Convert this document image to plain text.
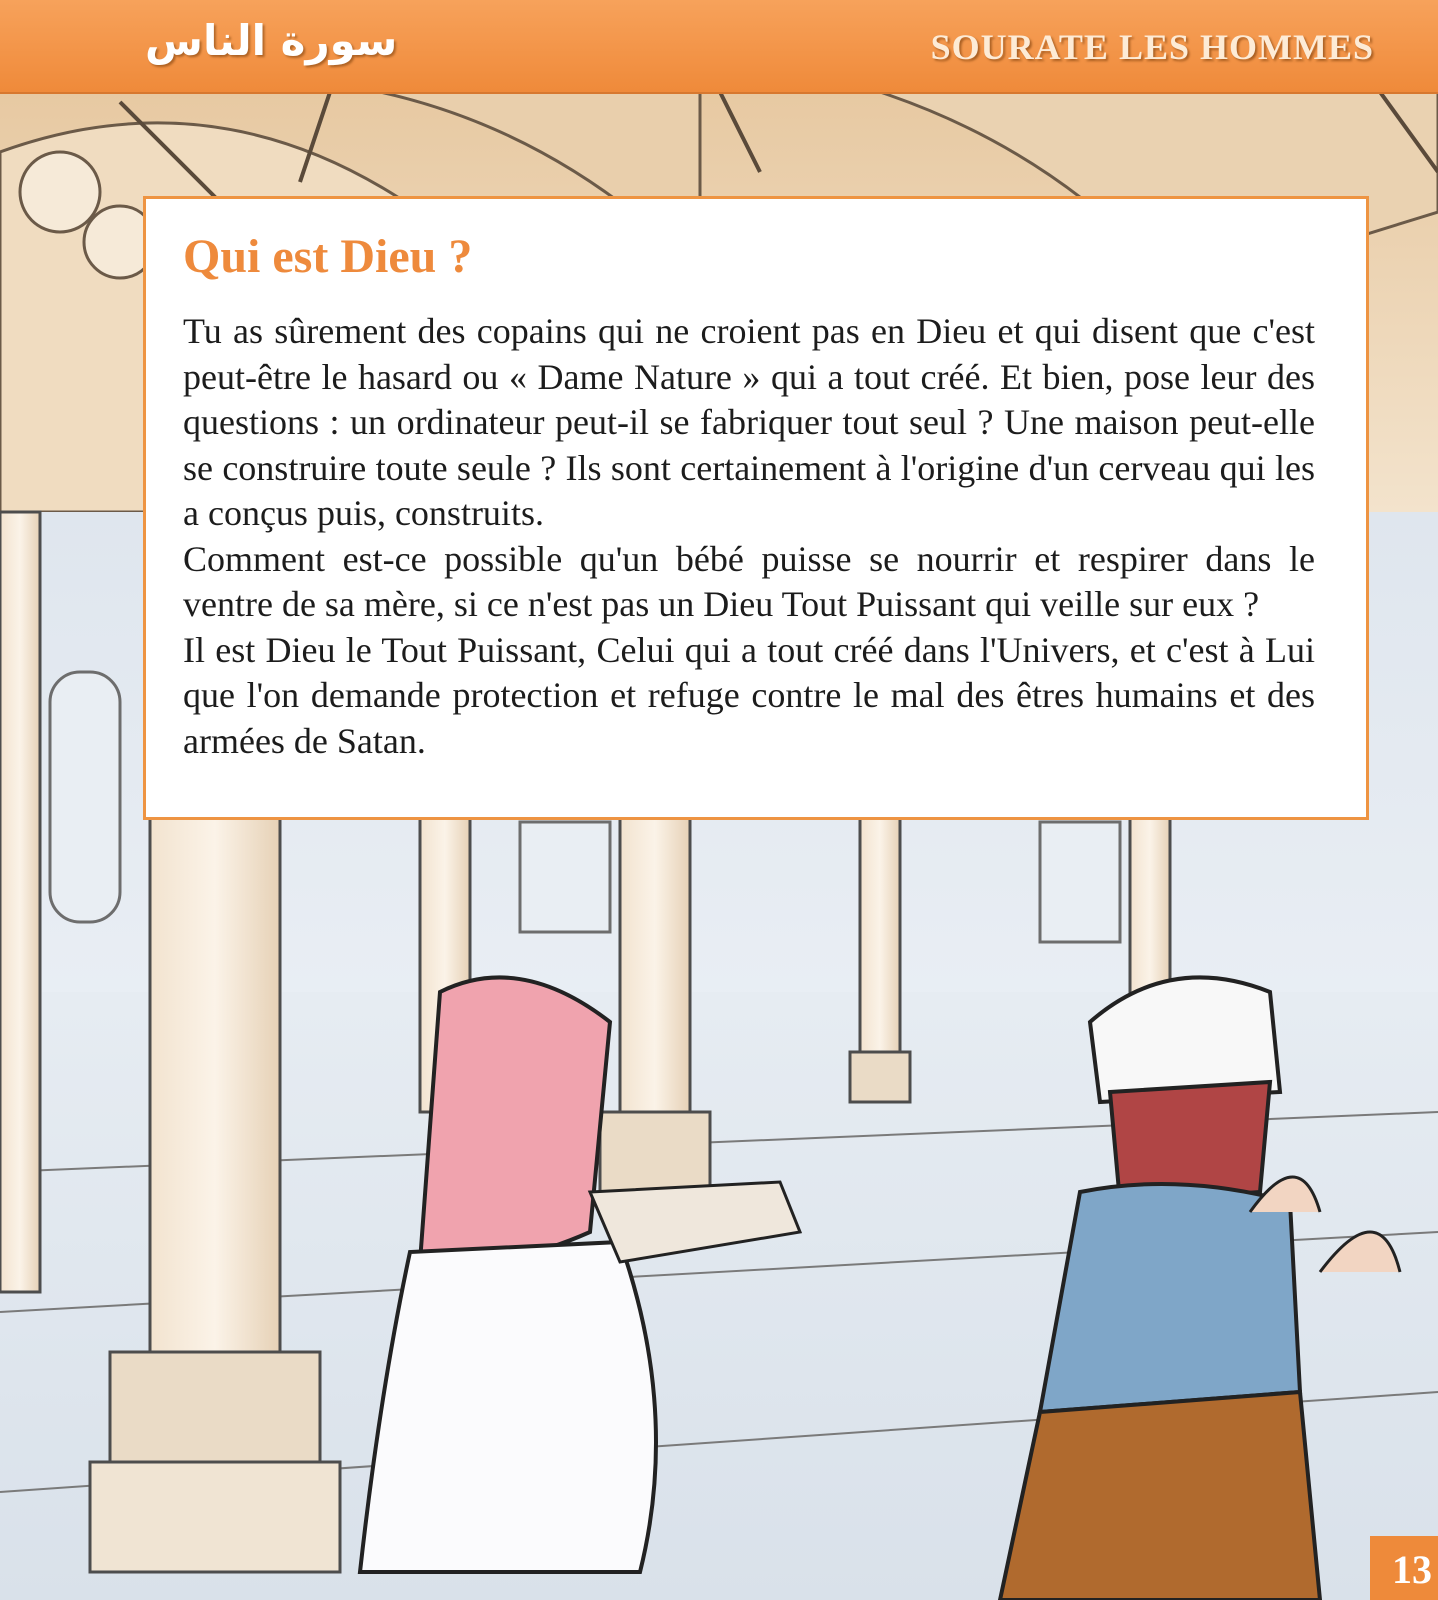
سورة الناس	SOURATE LES HOMMES
Qui est Dieu ?

Tu as sûrement des copains qui ne croient pas en Dieu et qui disent que c'est peut-être le hasard ou « Dame Nature » qui a tout créé. Et bien, pose leur des questions : un ordinateur peut-il se fabriquer tout seul ? Une maison peut-elle se construire toute seule ? Ils sont certainement à l'origine d'un cerveau qui les a conçus puis, construits.

Comment est-ce possible qu'un bébé puisse se nourrir et respirer dans le ventre de sa mère, si ce n'est pas un Dieu Tout Puissant qui veille sur eux ?

Il est Dieu le Tout Puissant, Celui qui a tout créé dans l'Univers, et c'est à Lui que l'on demande protection et refuge contre le mal des êtres humains et des armées de Satan.

13
